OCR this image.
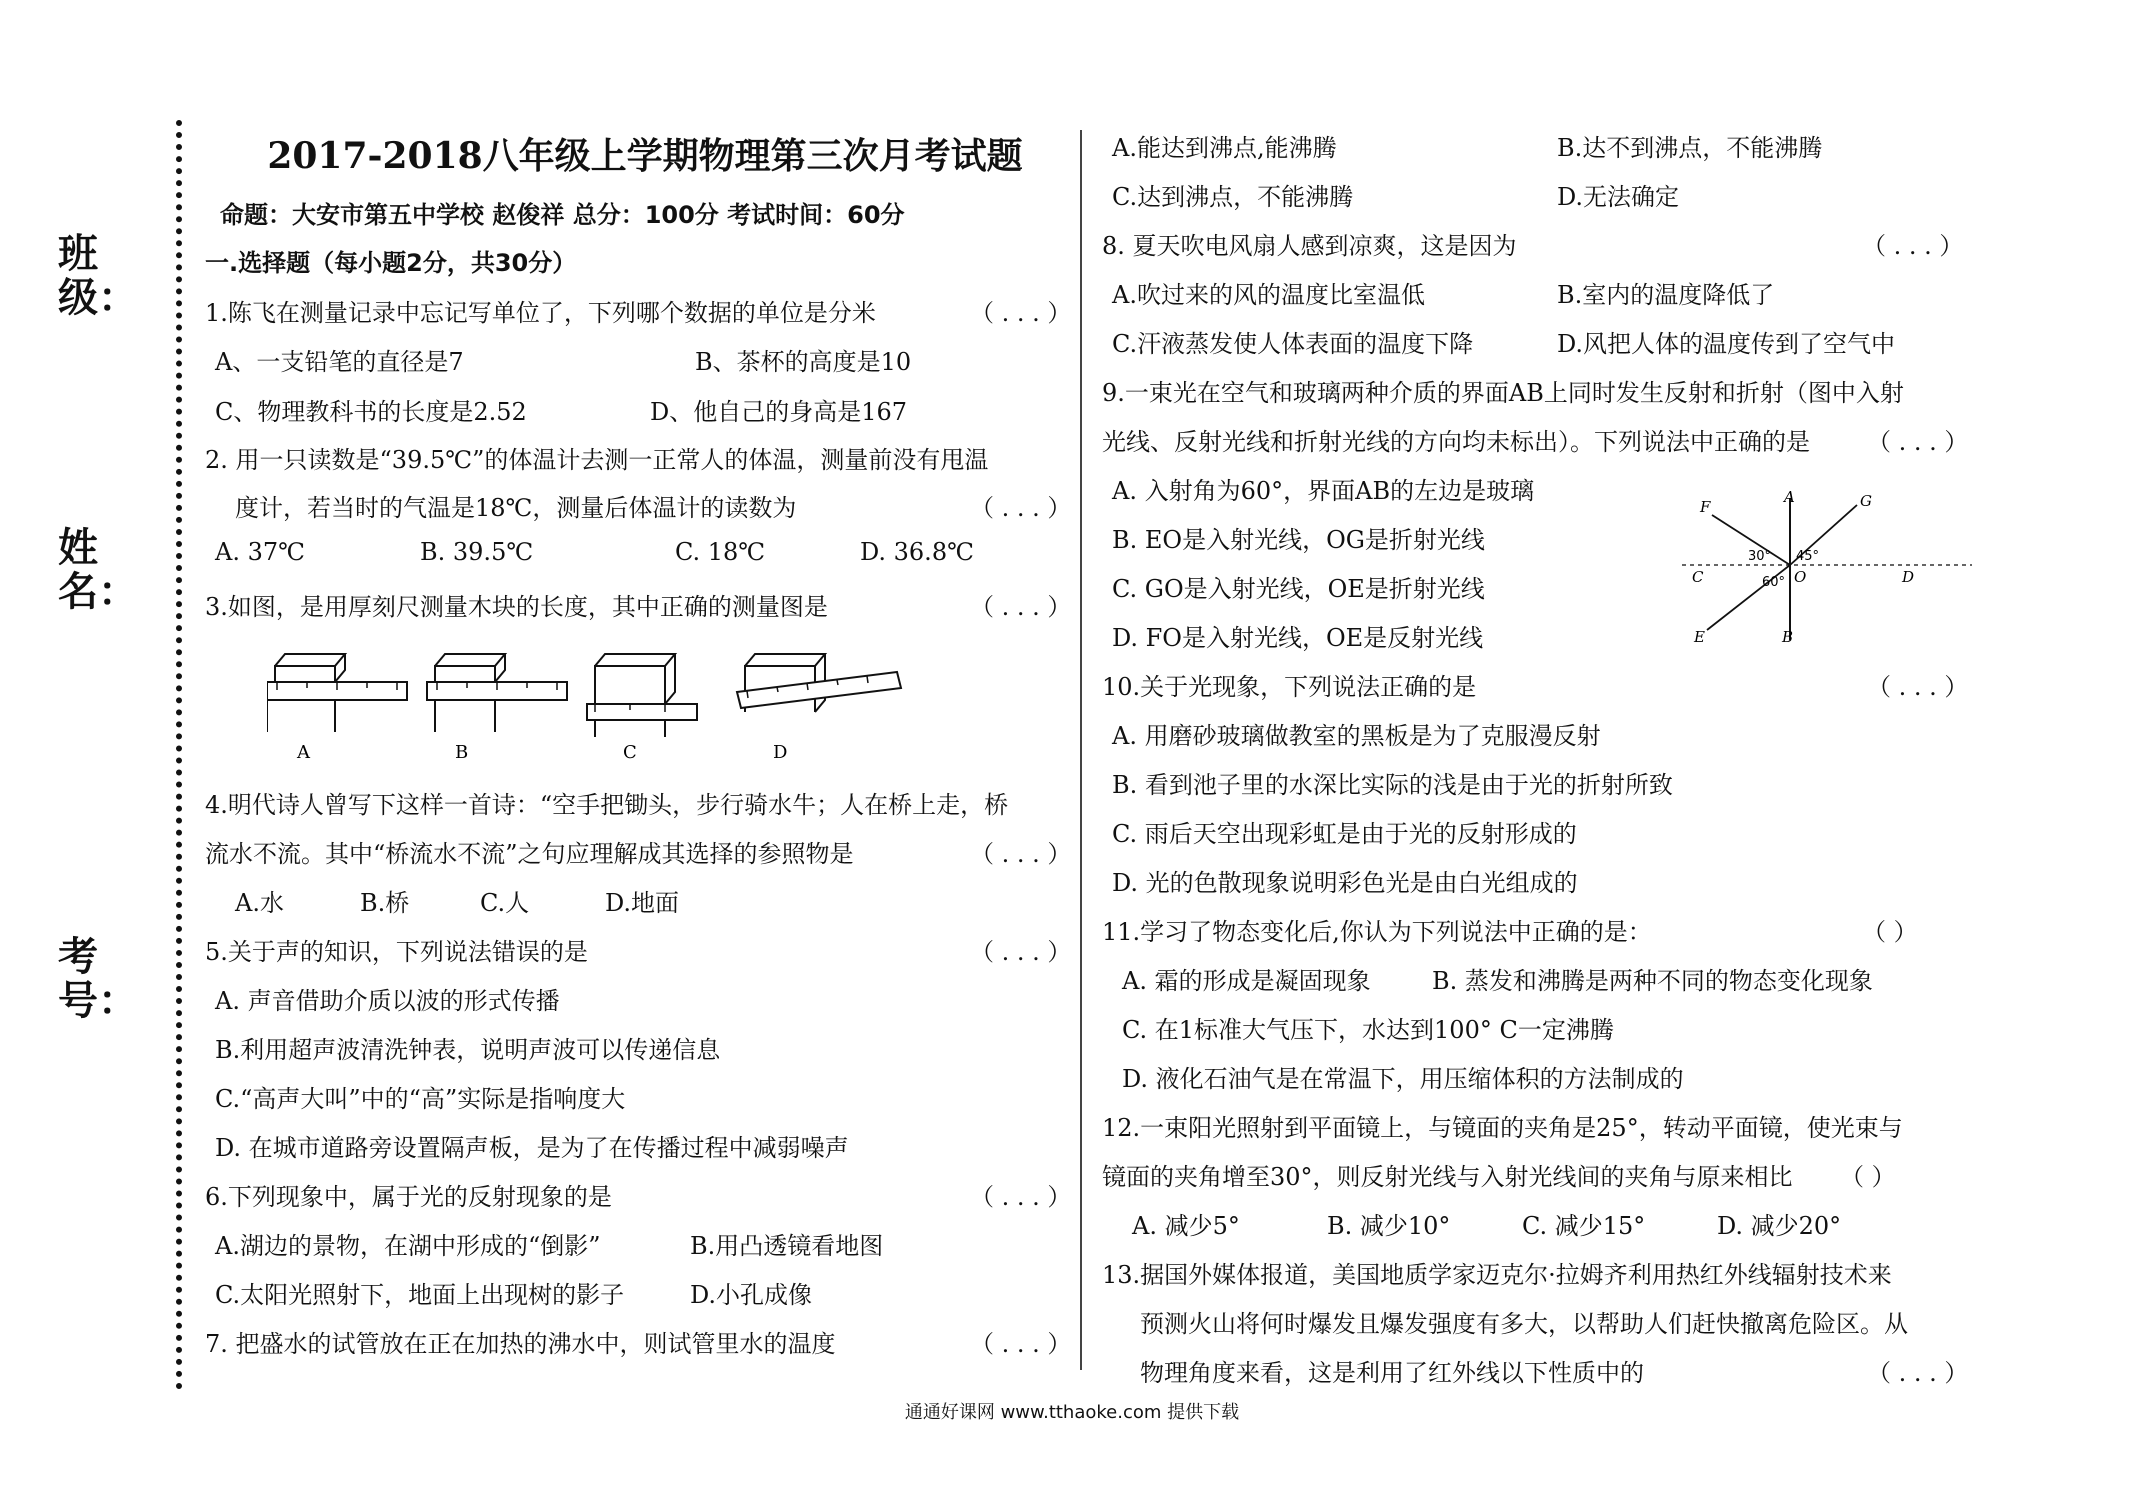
班级：
姓名：
考号：
2017-2018八年级上学期物理第三次月考试题
命题：大安市第五中学校 赵俊祥 总分：100分 考试时间：60分
一.选择题（每小题2分，共30分）
1.陈飞在测量记录中忘记写单位了，下列哪个数据的单位是分米	（ . . . ）
A、一支铅笔的直径是7	B、茶杯的高度是10
C、物理教科书的长度是2.52	D、他自己的身高是167
2. 用一只读数是“39.5℃”的体温计去测一正常人的体温，测量前没有甩温
度计，若当时的气温是18℃，测量后体温计的读数为	（ . . . ）
A. 37℃	B. 39.5℃	C. 18℃	D. 36.8℃
3.如图，是用厚刻尺测量木块的长度，其中正确的测量图是	（ . . . ）
A	B	C	D
4.明代诗人曾写下这样一首诗：“空手把锄头，步行骑水牛；人在桥上走，桥
流水不流。其中“桥流水不流”之句应理解成其选择的参照物是	（ . . . ）
A.水	B.桥	C.人	D.地面
5.关于声的知识，下列说法错误的是	（ . . . ）
A. 声音借助介质以波的形式传播
B.利用超声波清洗钟表，说明声波可以传递信息
C.“高声大叫”中的“高”实际是指响度大
D. 在城市道路旁设置隔声板，是为了在传播过程中减弱噪声
6.下列现象中，属于光的反射现象的是	（ . . . ）
A.湖边的景物，在湖中形成的“倒影”	B.用凸透镜看地图
C.太阳光照射下，地面上出现树的影子	D.小孔成像
7. 把盛水的试管放在正在加热的沸水中，则试管里水的温度	（ . . . ）
A.能达到沸点,能沸腾	B.达不到沸点，不能沸腾
C.达到沸点，不能沸腾	D.无法确定
8. 夏天吹电风扇人感到凉爽，这是因为	（ . . . ）
A.吹过来的风的温度比室温低	B.室内的温度降低了
C.汗液蒸发使人体表面的温度下降	D.风把人体的温度传到了空气中
9.一束光在空气和玻璃两种介质的界面AB上同时发生反射和折射（图中入射
光线、反射光线和折射光线的方向均未标出）。下列说法中正确的是 （ . . . ）
A. 入射角为60°，界面AB的左边是玻璃
B. EO是入射光线，OG是折射光线
C. GO是入射光线，OE是折射光线
D. FO是入射光线，OE是反射光线
F
A	G
C	O	D
E	B
30° 45°
60°
10.关于光现象，下列说法正确的是	（ . . . ）
A. 用磨砂玻璃做教室的黑板是为了克服漫反射
B. 看到池子里的水深比实际的浅是由于光的折射所致
C. 雨后天空出现彩虹是由于光的反射形成的
D. 光的色散现象说明彩色光是由白光组成的
11.学习了物态变化后,你认为下列说法中正确的是：	（ ）
A. 霜的形成是凝固现象	B. 蒸发和沸腾是两种不同的物态变化现象
C. 在1标准大气压下，水达到100° C一定沸腾
D. 液化石油气是在常温下，用压缩体积的方法制成的
12.一束阳光照射到平面镜上，与镜面的夹角是25°，转动平面镜，使光束与
镜面的夹角增至30°，则反射光线与入射光线间的夹角与原来相比 （ ）
A. 减少5°	B. 减少10°	C. 减少15°	D. 减少20°
13.据国外媒体报道，美国地质学家迈克尔·拉姆齐利用热红外线辐射技术来
预测火山将何时爆发且爆发强度有多大，以帮助人们赶快撤离危险区。从
物理角度来看，这是利用了红外线以下性质中的	（ . . . ）
通通好课网 www.tthaoke.com 提供下载
